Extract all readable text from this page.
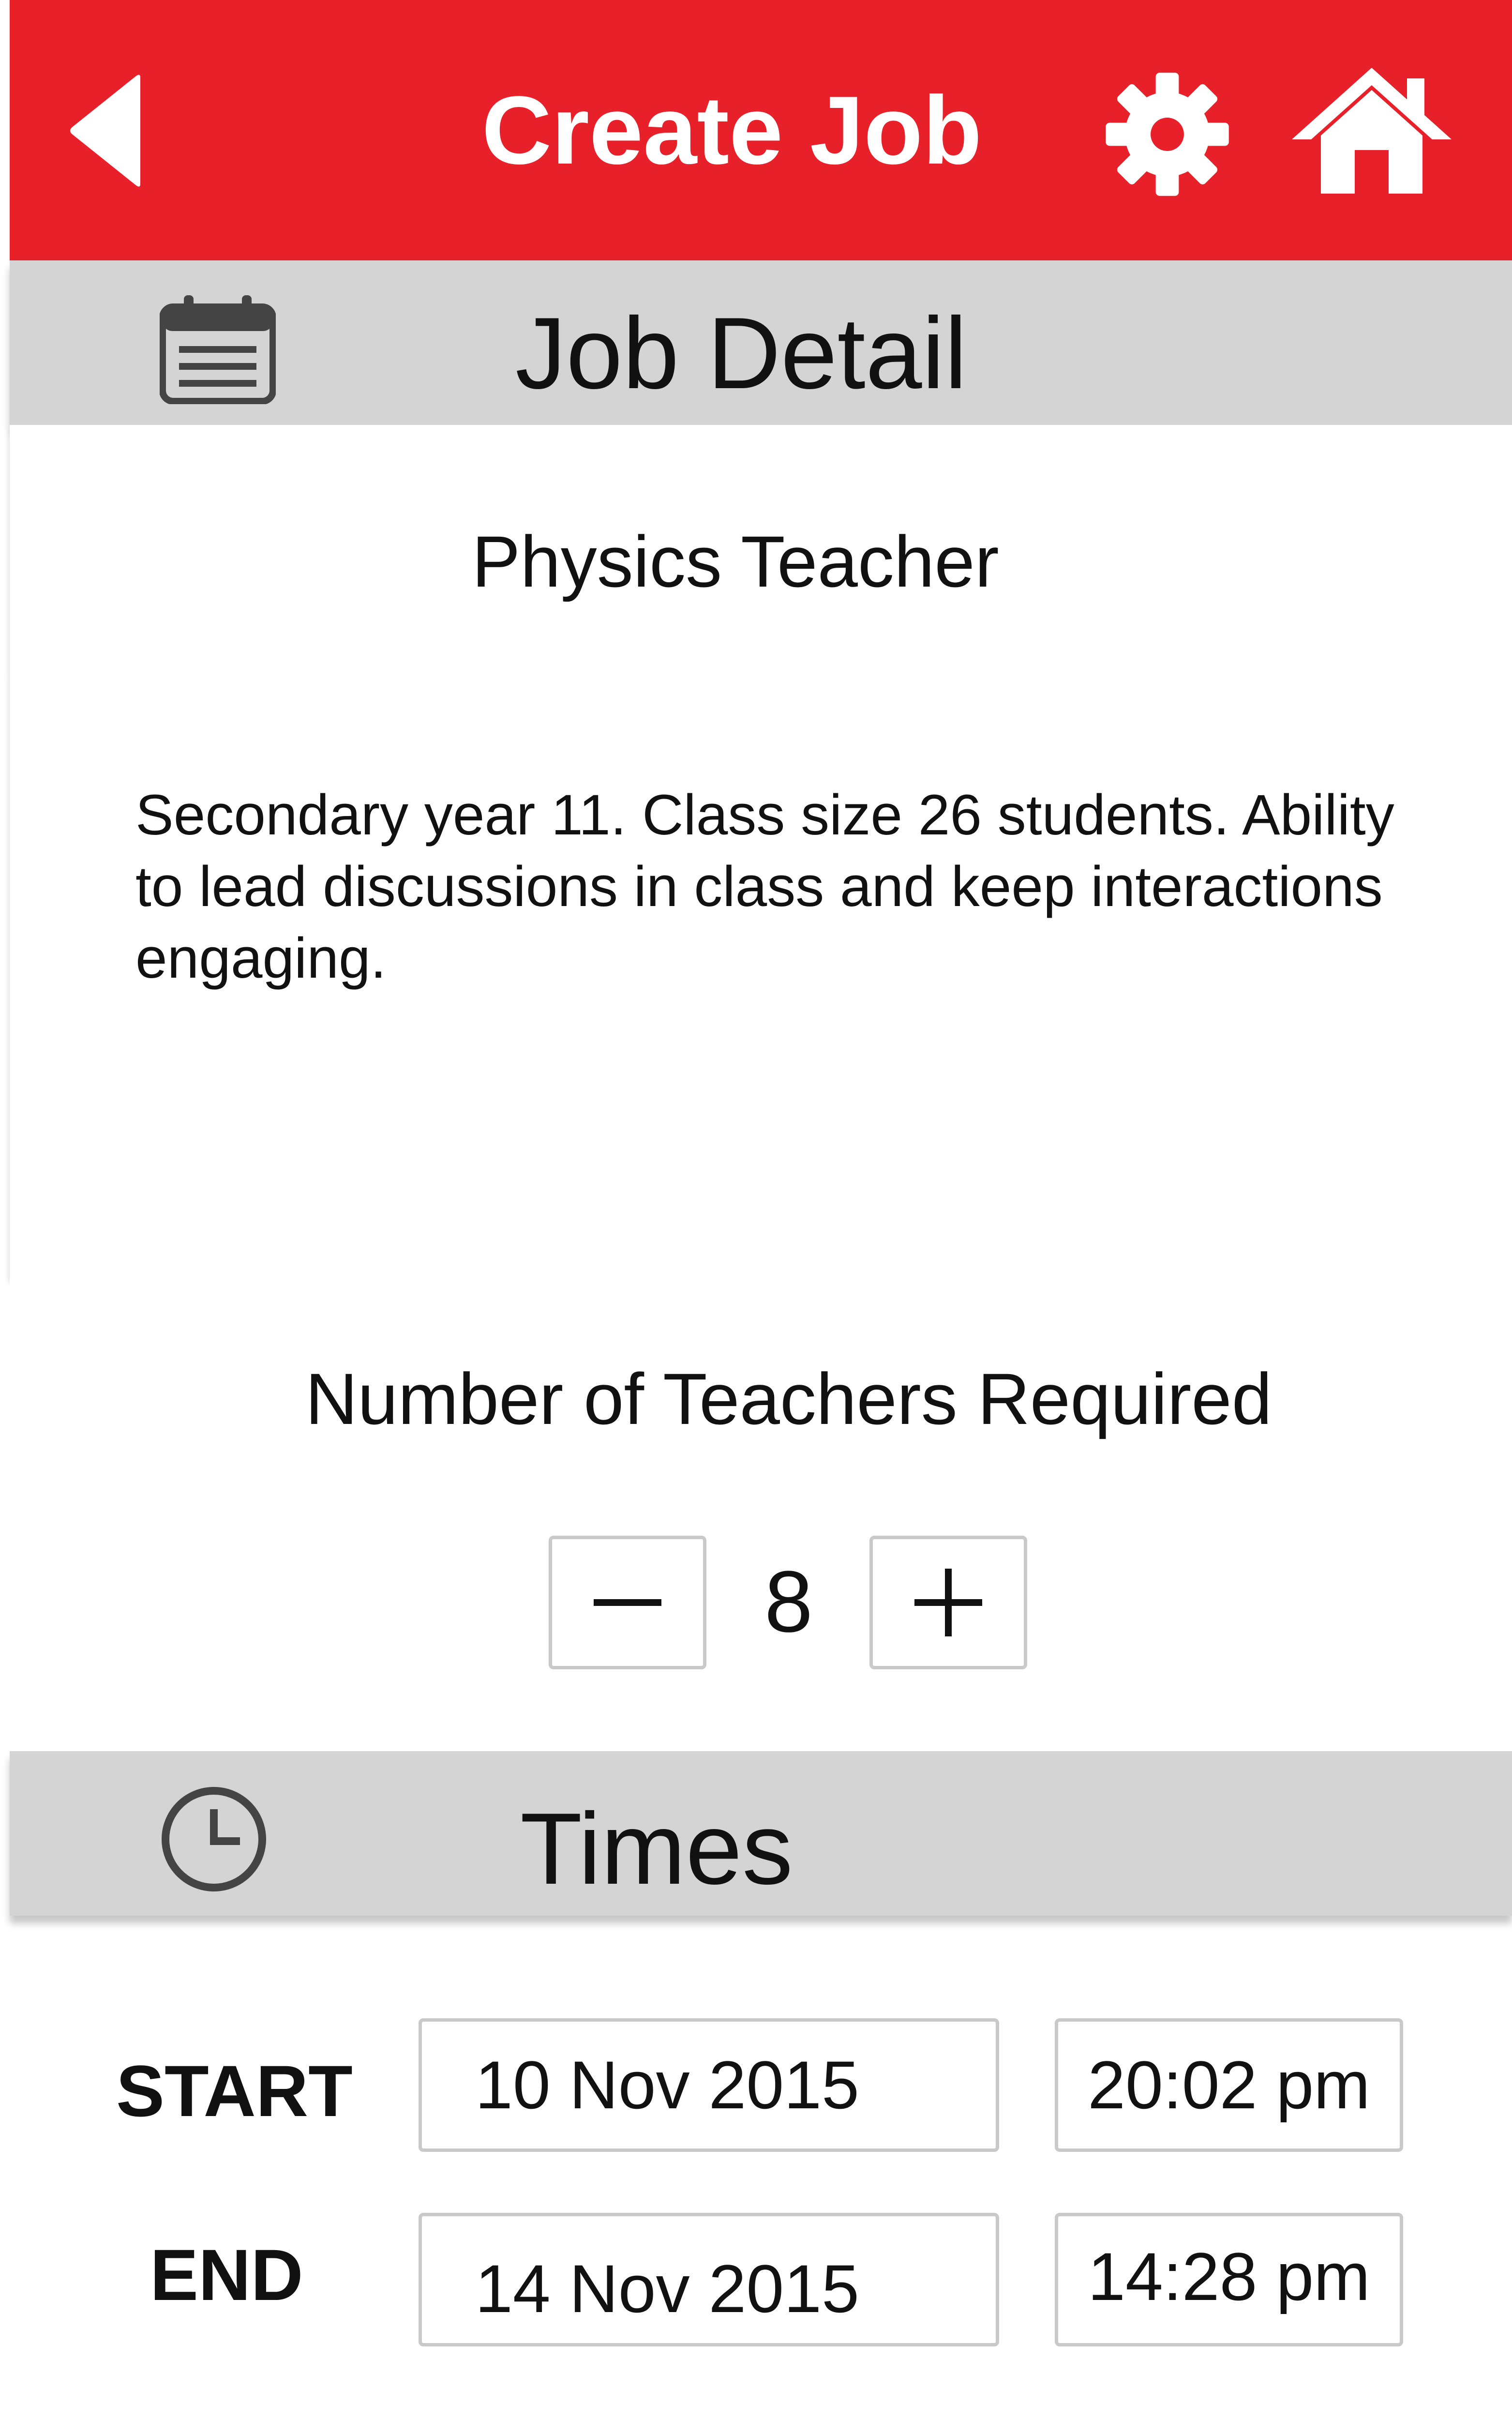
Create Job
Job Detail
Physics Teacher
Secondary year 11. Class size 26 students. Ability to lead discussions in class and keep interactions engaging.
Number of Teachers Required
8
Times
START	10 Nov 2015	20:02 pm
END	14 Nov 2015	14:28 pm
